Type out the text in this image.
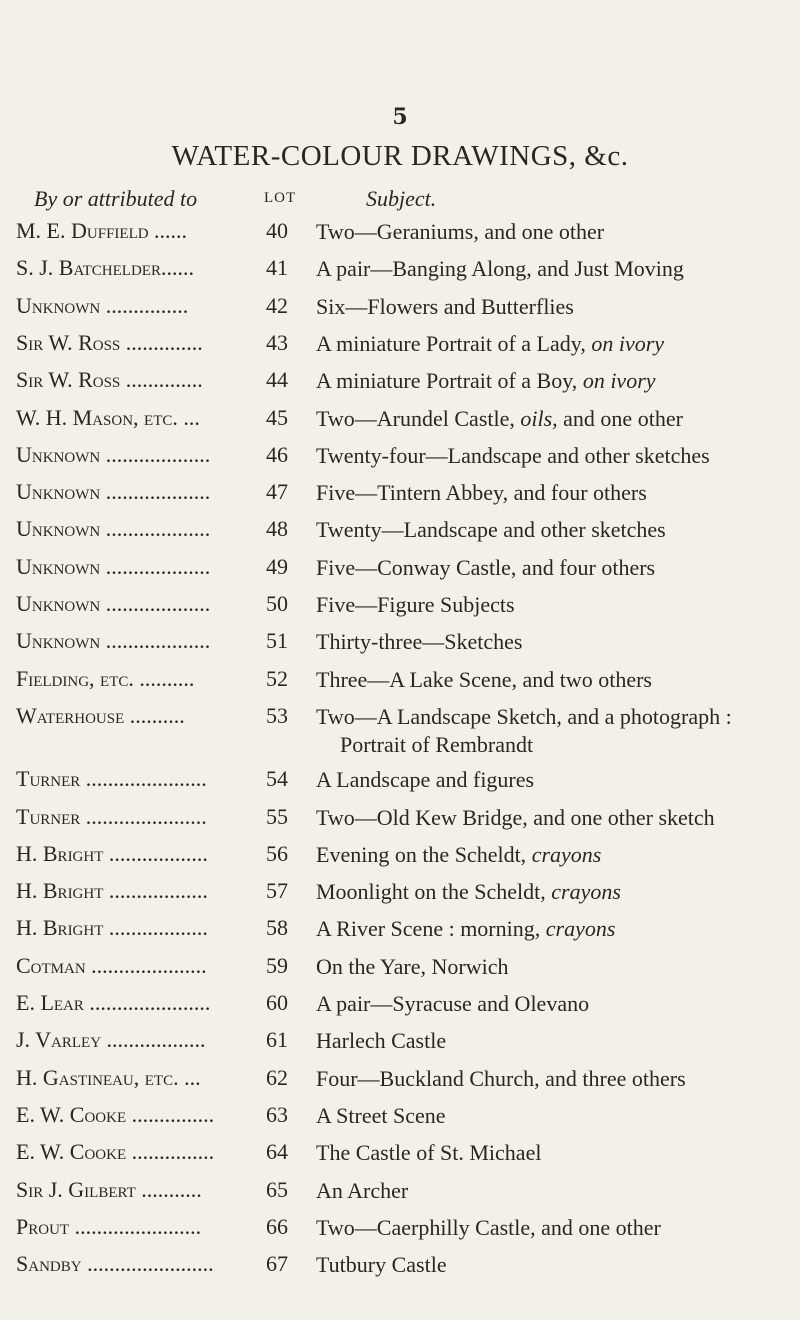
5
WATER-COLOUR DRAWINGS, &c.
By or attributed to	LOT	Subject.
M. E. Duffield ......	40	Two—Geraniums, and one other
S. J. Batchelder......	41	A pair—Banging Along, and Just Moving
Unknown ...............	42	Six—Flowers and Butterflies
Sir W. Ross ..............	43	A miniature Portrait of a Lady, on ivory
Sir W. Ross ..............	44	A miniature Portrait of a Boy, on ivory
W. H. Mason, etc. ...	45	Two—Arundel Castle, oils, and one other
Unknown ...................	46	Twenty-four—Landscape and other sketches
Unknown ...................	47	Five—Tintern Abbey, and four others
Unknown ...................	48	Twenty—Landscape and other sketches
Unknown ...................	49	Five—Conway Castle, and four others
Unknown ...................	50	Five—Figure Subjects
Unknown ...................	51	Thirty-three—Sketches
Fielding, etc. ..........	52	Three—A Lake Scene, and two others
Waterhouse ..........	53	Two—A Landscape Sketch, and a photograph :
Portrait of Rembrandt
Turner ......................	54	A Landscape and figures
Turner ......................	55	Two—Old Kew Bridge, and one other sketch
H. Bright ..................	56	Evening on the Scheldt, crayons
H. Bright ..................	57	Moonlight on the Scheldt, crayons
H. Bright ..................	58	A River Scene : morning, crayons
Cotman .....................	59	On the Yare, Norwich
E. Lear ......................	60	A pair—Syracuse and Olevano
J. Varley ..................	61	Harlech Castle
H. Gastineau, etc. ...	62	Four—Buckland Church, and three others
E. W. Cooke ...............	63	A Street Scene
E. W. Cooke ...............	64	The Castle of St. Michael
Sir J. Gilbert ...........	65	An Archer
Prout .......................	66	Two—Caerphilly Castle, and one other
Sandby .......................	67	Tutbury Castle
